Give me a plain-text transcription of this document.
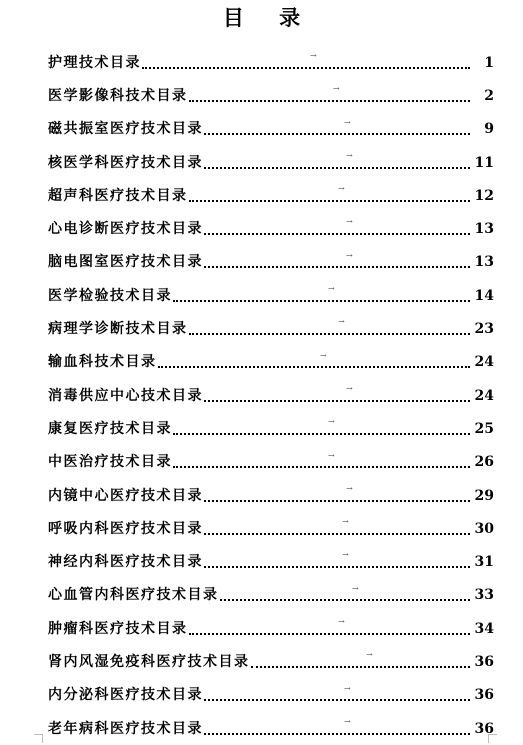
目 录
护理技术目录	1
→
医学影像科技术目录	2
→
磁共振室医疗技术目录	9
→
核医学科医疗技术目录	11
→
超声科医疗技术目录	12
→
心电诊断医疗技术目录	13
→
脑电图室医疗技术目录	13
→
医学检验技术目录	14
→
病理学诊断技术目录	23
→
输血科技术目录	24
→
消毒供应中心技术目录	24
→
康复医疗技术目录	25
→
中医治疗技术目录	26
→
内镜中心医疗技术目录	29
→
呼吸内科医疗技术目录	30
→
神经内科医疗技术目录	31
→
心血管内科医疗技术目录	33
→
肿瘤科医疗技术目录	34
→
肾内风湿免疫科医疗技术目录	36
→
内分泌科医疗技术目录	36
→
老年病科医疗技术目录	36
→
